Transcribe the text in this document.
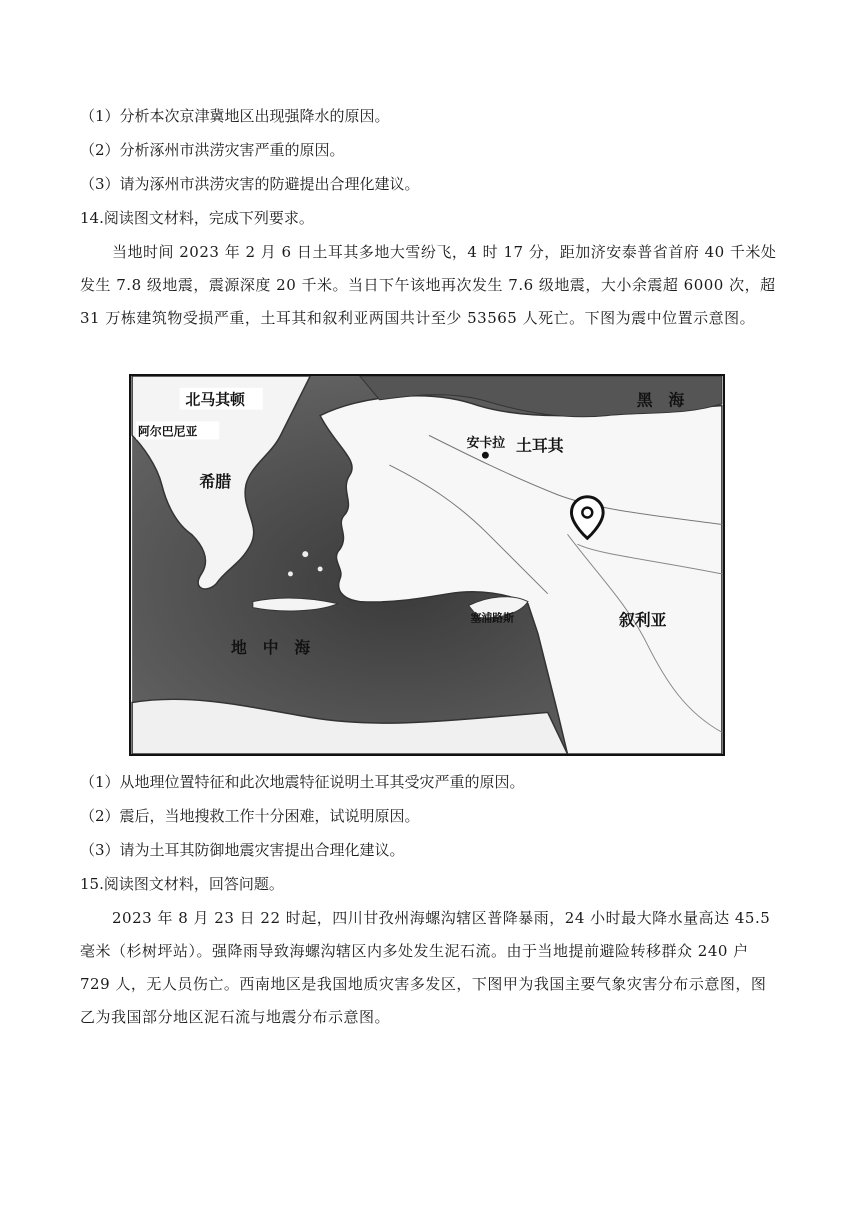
（1）分析本次京津冀地区出现强降水的原因。
（2）分析涿州市洪涝灾害严重的原因。
（3）请为涿州市洪涝灾害的防避提出合理化建议。
14.阅读图文材料，完成下列要求。
当地时间 2023 年 2 月 6 日土耳其多地大雪纷飞，4 时 17 分，距加济安泰普省首府 40 千米处发生 7.8 级地震，震源深度 20 千米。当日下午该地再次发生 7.6 级地震，大小余震超 6000 次，超 31 万栋建筑物受损严重，土耳其和叙利亚两国共计至少 53565 人死亡。下图为震中位置示意图。
北马其顿
阿尔巴尼亚
希腊
安卡拉 土耳其
黑　海
塞浦路斯	叙利亚
地　中　海
（1）从地理位置特征和此次地震特征说明土耳其受灾严重的原因。
（2）震后，当地搜救工作十分困难，试说明原因。
（3）请为土耳其防御地震灾害提出合理化建议。
15.阅读图文材料，回答问题。
2023 年 8 月 23 日 22 时起，四川甘孜州海螺沟辖区普降暴雨，24 小时最大降水量高达 45.5 毫米（杉树坪站）。强降雨导致海螺沟辖区内多处发生泥石流。由于当地提前避险转移群众 240 户 729 人，无人员伤亡。西南地区是我国地质灾害多发区，下图甲为我国主要气象灾害分布示意图，图乙为我国部分地区泥石流与地震分布示意图。
